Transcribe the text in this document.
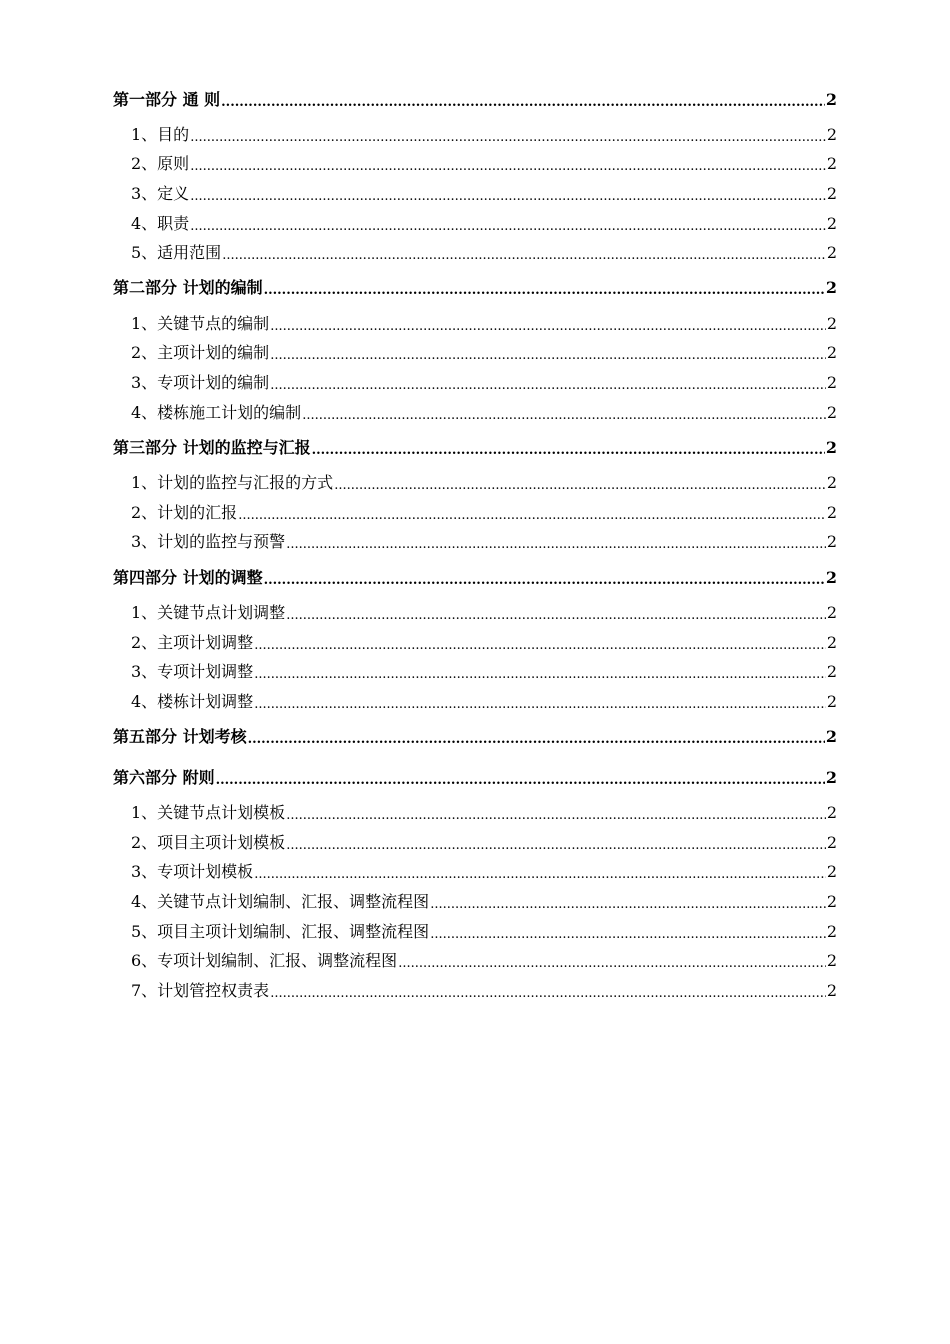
第一部分 通 则 .....	2
1、目的 .....	2
2、原则 .....	2
3、定义 .....	2
4、职责 .....	2
5、适用范围 .....	2
第二部分 计划的编制 .....	2
1、关键节点的编制 .....	2
2、主项计划的编制 .....	2
3、专项计划的编制 .....	2
4、楼栋施工计划的编制 .....	2
第三部分 计划的监控与汇报 .....	2
1、计划的监控与汇报的方式 .....	2
2、计划的汇报 .....	2
3、计划的监控与预警 .....	2
第四部分 计划的调整 .....	2
1、关键节点计划调整 .....	2
2、主项计划调整 .....	2
3、专项计划调整 .....	2
4、楼栋计划调整 .....	2
第五部分 计划考核 .....	2
第六部分 附则 .....	2
1、关键节点计划模板 .....	2
2、项目主项计划模板 .....	2
3、专项计划模板 .....	2
4、关键节点计划编制、汇报、调整流程图 .....	2
5、项目主项计划编制、汇报、调整流程图 .....	2
6、专项计划编制、汇报、调整流程图 .....	2
7、计划管控权责表 .....	2
